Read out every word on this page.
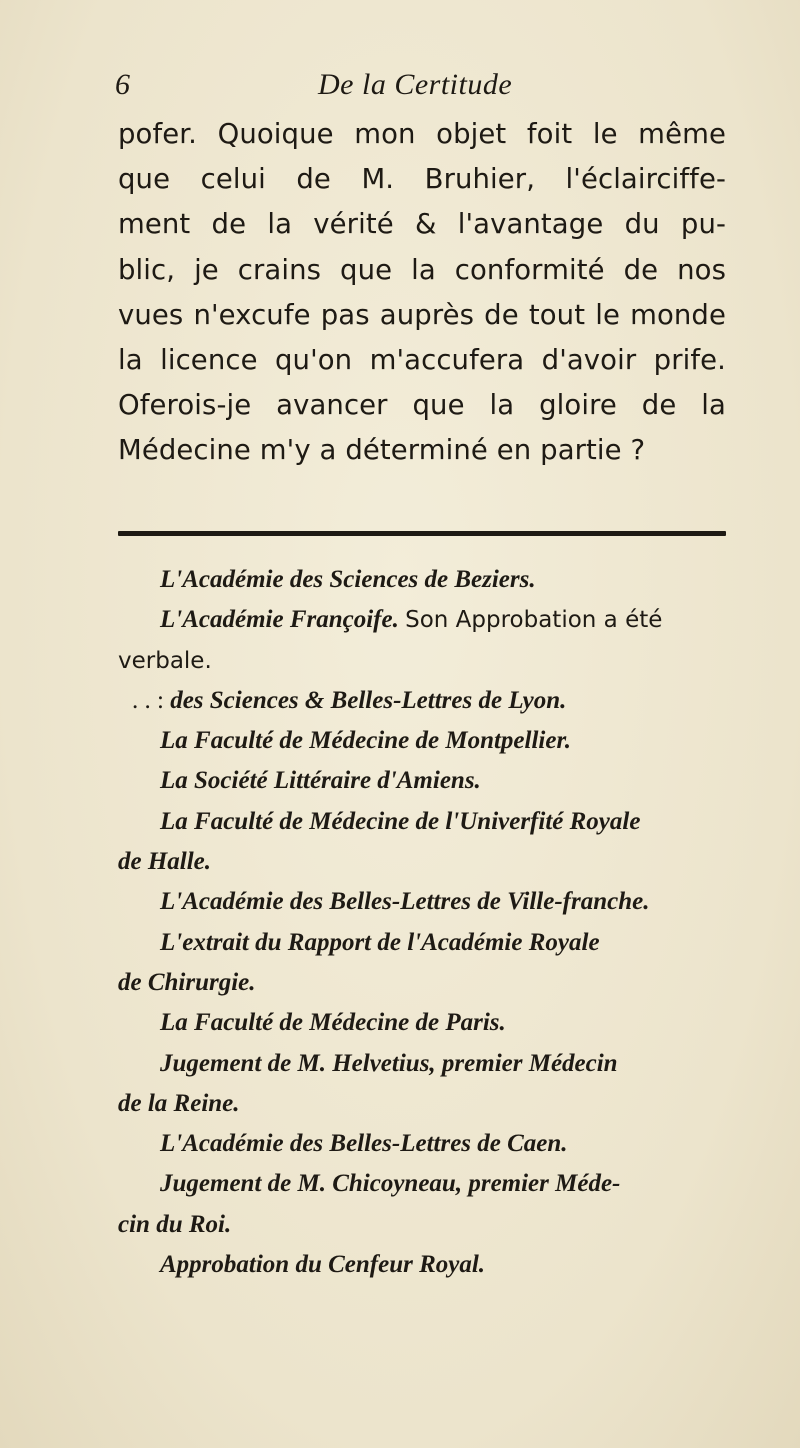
6	De la Certitude
pofer. Quoique mon objet foit le même
que celui de M. Bruhier, l'éclairciffe-
ment de la vérité & l'avantage du pu-
blic, je crains que la conformité de nos
vues n'excufe pas auprès de tout le monde
la licence qu'on m'accufera d'avoir prife.
Oferois-je avancer que la gloire de la
Médecine m'y a déterminé en partie ?
L'Académie des Sciences de Beziers.
L'Académie Françoife. Son Approbation a été
verbale.
. . : des Sciences & Belles-Lettres de Lyon.
La Faculté de Médecine de Montpellier.
La Société Littéraire d'Amiens.
La Faculté de Médecine de l'Univerfité Royale
de Halle.
L'Académie des Belles-Lettres de Ville-franche.
L'extrait du Rapport de l'Académie Royale
de Chirurgie.
La Faculté de Médecine de Paris.
Jugement de M. Helvetius, premier Médecin
de la Reine.
L'Académie des Belles-Lettres de Caen.
Jugement de M. Chicoyneau, premier Méde-
cin du Roi.
Approbation du Cenfeur Royal.
